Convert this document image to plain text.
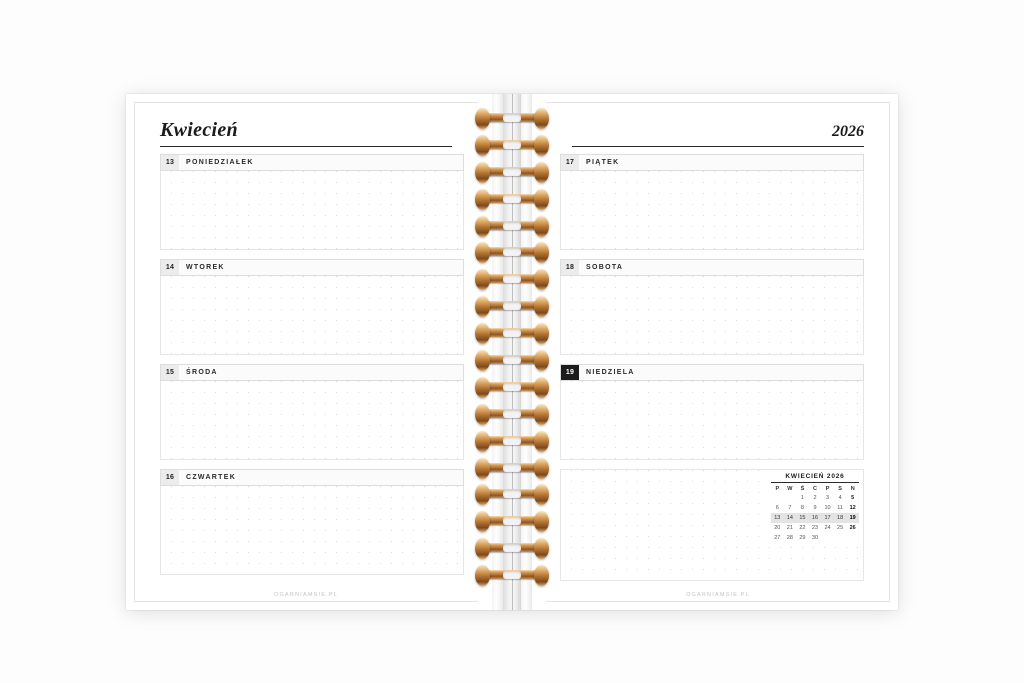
Kwiecień
13	PONIEDZIAŁEK
14	WTOREK
15	ŚRODA
16	CZWARTEK
OGARNIAMSIE.PL
2026
17	PIĄTEK
18	SOBOTA
19	NIEDZIELA
KWIECIEŃ 2026
P	W	Ś	C	P	S	N
		1	2	3	4	5
6	7	8	9	10	11	12
13	14	15	16	17	18	19
20	21	22	23	24	25	26
27	28	29	30			
OGARNIAMSIE.PL
